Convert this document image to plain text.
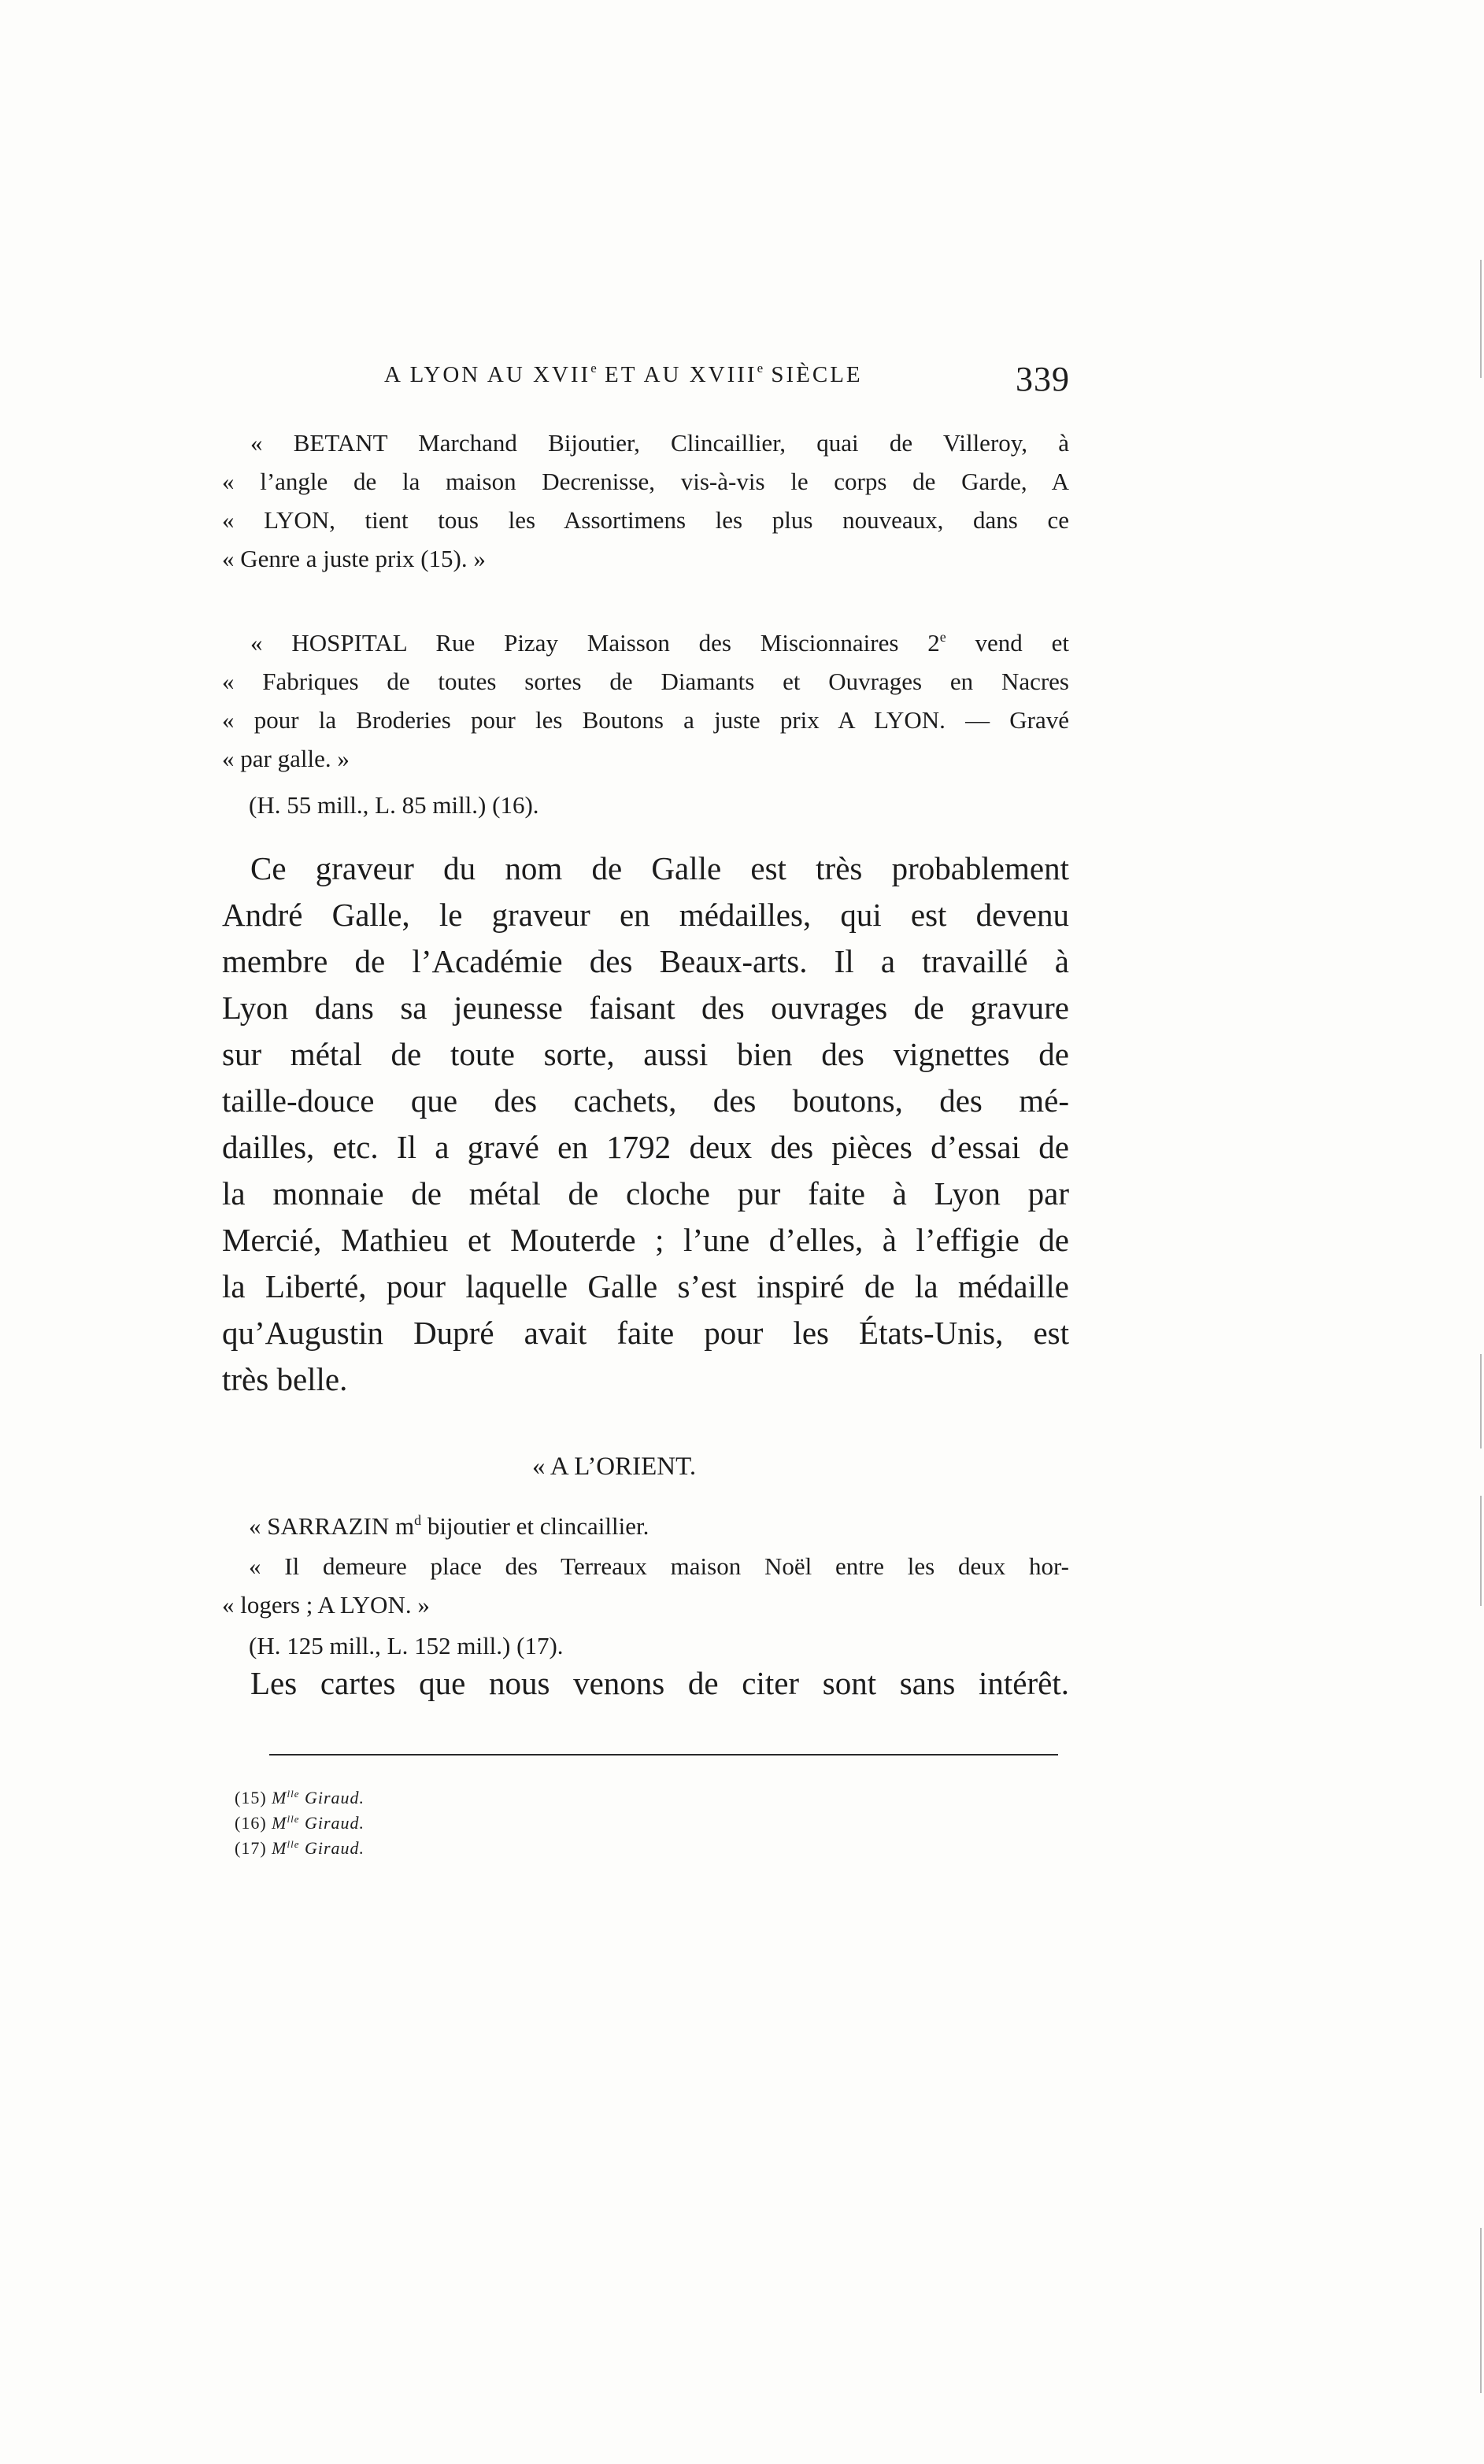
A LYON AU XVIIe ET AU XVIIIe SIÈCLE	339
« BETANT Marchand Bijoutier, Clincaillier, quai de Villeroy, à
« l’angle de la maison Decrenisse, vis-à-vis le corps de Garde, A
« LYON, tient tous les Assortimens les plus nouveaux, dans ce
« Genre a juste prix (15). »
« HOSPITAL Rue Pizay Maisson des Miscionnaires 2e vend et
« Fabriques de toutes sortes de Diamants et Ouvrages en Nacres
« pour la Broderies pour les Boutons a juste prix A LYON. — Gravé
« par galle. »
(H. 55 mill., L. 85 mill.) (16).
Ce graveur du nom de Galle est très probablement
André Galle, le graveur en médailles, qui est devenu
membre de l’Académie des Beaux-arts. Il a travaillé à
Lyon dans sa jeunesse faisant des ouvrages de gravure
sur métal de toute sorte, aussi bien des vignettes de
taille-douce que des cachets, des boutons, des mé-
dailles, etc. Il a gravé en 1792 deux des pièces d’essai de
la monnaie de métal de cloche pur faite à Lyon par
Mercié, Mathieu et Mouterde ; l’une d’elles, à l’effigie de
la Liberté, pour laquelle Galle s’est inspiré de la médaille
qu’Augustin Dupré avait faite pour les États-Unis, est
très belle.
« A L’ORIENT.
« SARRAZIN $m^d$ bijoutier et clincaillier.
« Il demeure place des Terreaux maison Noël entre les deux hor-
« logers ; A LYON. »
(H. 125 mill., L. 152 mill.) (17).
Les cartes que nous venons de citer sont sans intérêt.
(15) $M^{lle}$ Giraud.
(16) $M^{lle}$ Giraud.
(17) $M^{lle}$ Giraud.
